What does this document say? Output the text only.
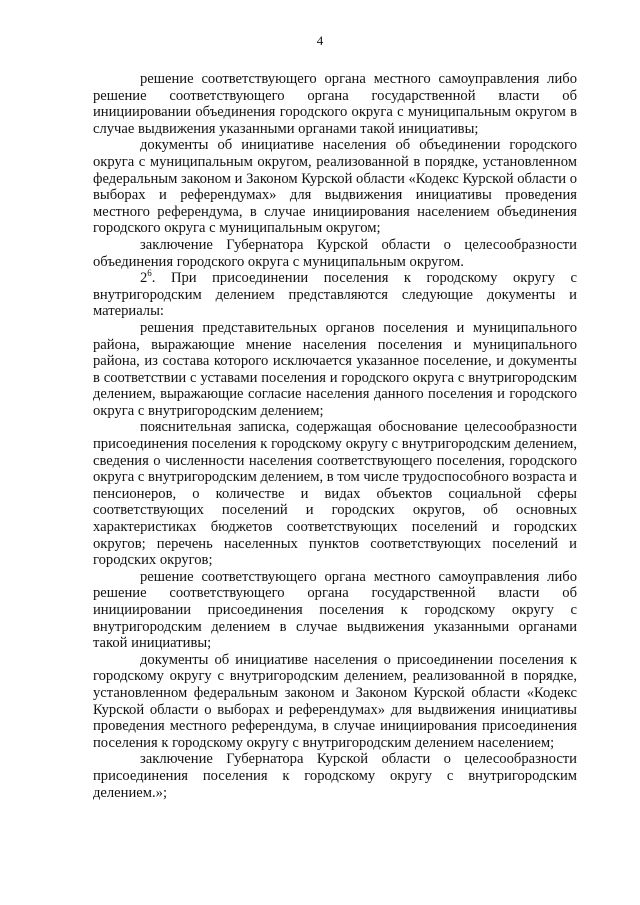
4

решение соответствующего органа местного самоуправления либо решение соответствующего органа государственной власти об инициировании объединения городского округа с муниципальным округом в случае выдвижения указанными органами такой инициативы;

документы об инициативе населения об объединении городского округа с муниципальным округом, реализованной в порядке, установленном федеральным законом и Законом Курской области «Кодекс Курской области о выборах и референдумах» для выдвижения инициативы проведения местного референдума, в случае инициирования населением объединения городского округа с муниципальным округом;

заключение Губернатора Курской области о целесообразности объединения городского округа с муниципальным округом.

$2^6$. При присоединении поселения к городскому округу с внутригородским делением представляются следующие документы и материалы:

решения представительных органов поселения и муниципального района, выражающие мнение населения поселения и муниципального района, из состава которого исключается указанное поселение, и документы в соответствии с уставами поселения и городского округа с внутригородским делением, выражающие согласие населения данного поселения и городского округа с внутригородским делением;

пояснительная записка, содержащая обоснование целесообразности присоединения поселения к городскому округу с внутригородским делением, сведения о численности населения соответствующего поселения, городского округа с внутригородским делением, в том числе трудоспособного возраста и пенсионеров, о количестве и видах объектов социальной сферы соответствующих поселений и городских округов, об основных характеристиках бюджетов соответствующих поселений и городских округов; перечень населенных пунктов соответствующих поселений и городских округов;

решение соответствующего органа местного самоуправления либо решение соответствующего органа государственной власти об инициировании присоединения поселения к городскому округу с внутригородским делением в случае выдвижения указанными органами такой инициативы;

документы об инициативе населения о присоединении поселения к городскому округу с внутригородским делением, реализованной в порядке, установленном федеральным законом и Законом Курской области «Кодекс Курской области о выборах и референдумах» для выдвижения инициативы проведения местного референдума, в случае инициирования присоединения поселения к городскому округу с внутригородским делением населением;

заключение Губернатора Курской области о целесообразности присоединения поселения к городскому округу с внутригородским делением.»;
